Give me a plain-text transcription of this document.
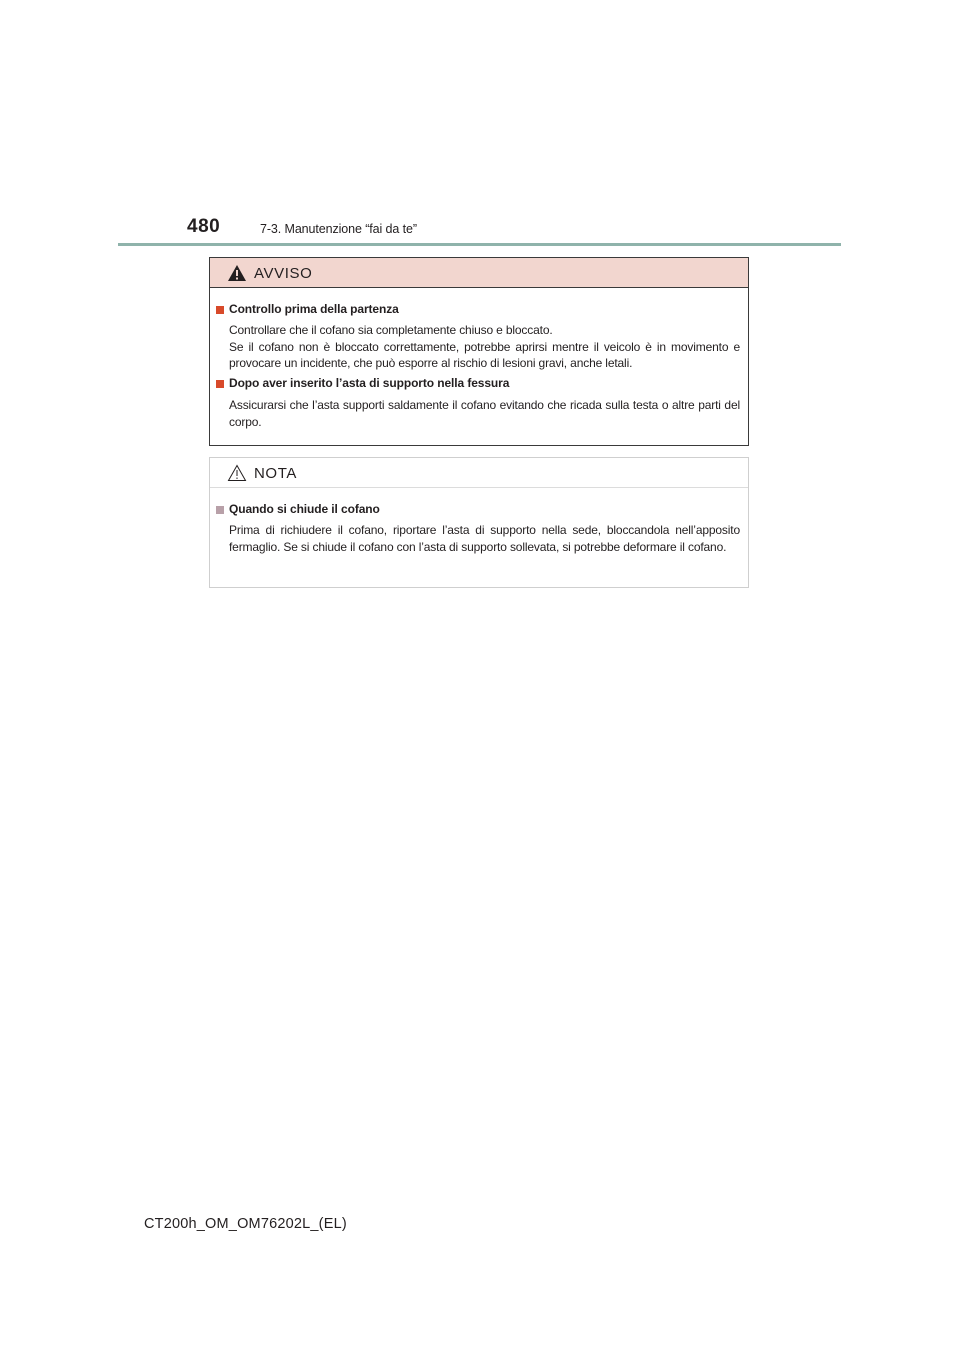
480	7-3. Manutenzione “fai da te”
AVVISO
Controllo prima della partenza

Controllare che il cofano sia completamente chiuso e bloccato.

Se il cofano non è bloccato correttamente, potrebbe aprirsi mentre il veicolo è in movimento e provocare un incidente, che può esporre al rischio di lesioni gravi, anche letali.

Dopo aver inserito l’asta di supporto nella fessura

Assicurarsi che l’asta supporti saldamente il cofano evitando che ricada sulla testa o altre parti del corpo.

NOTA
Quando si chiude il cofano

Prima di richiudere il cofano, riportare l’asta di supporto nella sede, bloccandola nell’apposito fermaglio. Se si chiude il cofano con l’asta di supporto sollevata, si potrebbe deformare il cofano.

CT200h_OM_OM76202L_(EL)
